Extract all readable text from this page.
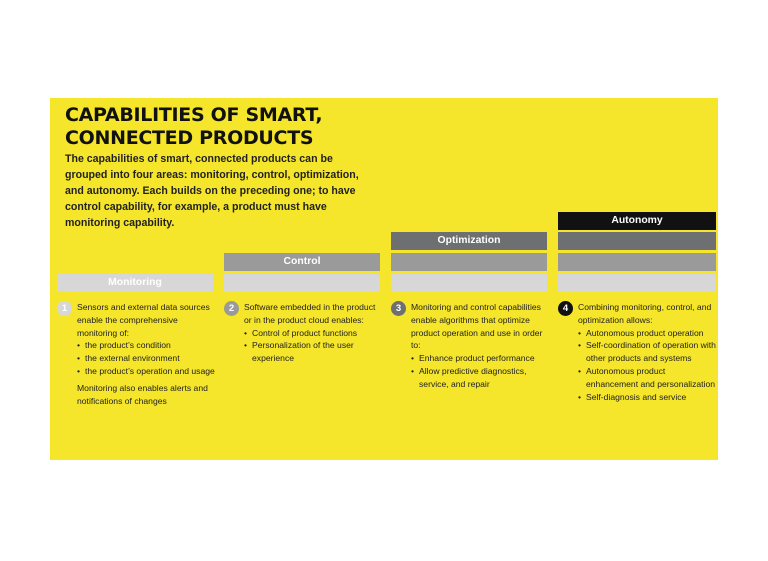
CAPABILITIES OF SMART,
CONNECTED PRODUCTS

The capabilities of smart, connected products can be grouped into four areas: monitoring, control, optimization, and autonomy. Each builds on the preceding one; to have control capability, for example, a product must have monitoring capability.	Autonomy
Optimization
Control
Monitoring
1	Sensors and external data sources enable the comprehensive monitoring of:

• the product’s condition
• the external environment
• the product’s operation and usage

Monitoring also enables alerts and notifications of changes

2	Software embedded in the product or in the product cloud enables:

• Control of product functions
• Personalization of the user experience
3	Monitoring and control capabilities enable algorithms that optimize product operation and use in order to:

• Enhance product performance
• Allow predictive diagnostics, service, and repair
4	Combining monitoring, control, and optimization allows:

• Autonomous product operation
• Self-coordination of operation with other products and systems
• Autonomous product enhancement and personalization
• Self-diagnosis and service
